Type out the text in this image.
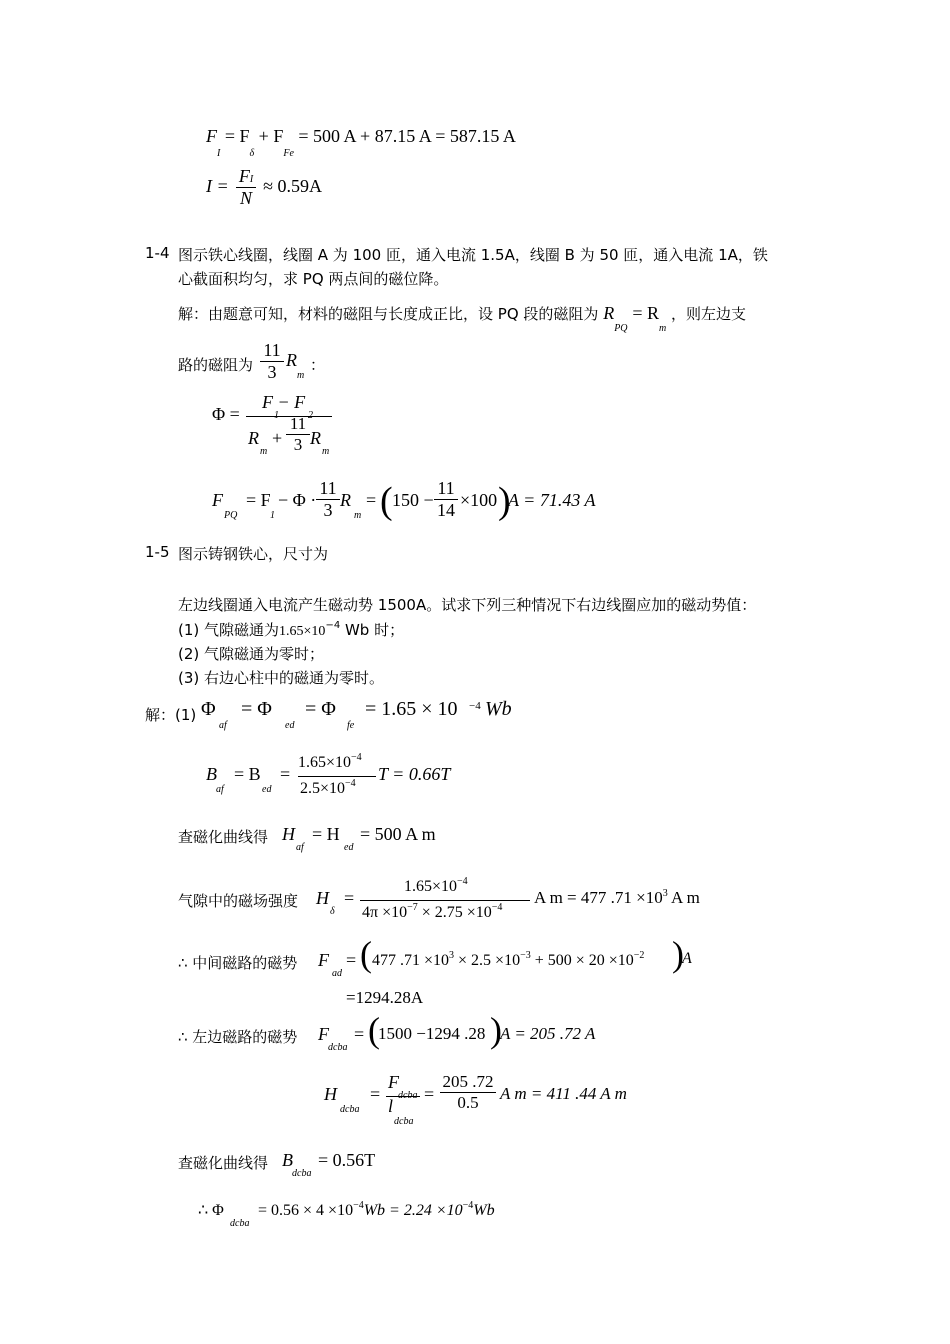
$F_I = F_\delta + F_{Fe} = 500$ A + 87.15 A = 587.15 A
I = FI
N
≈ 0.59A
1-4 图示铁心线圈，线圈 A 为 100 匝，通入电流 1.5A，线圈 B 为 50 匝，通入电流 1A，铁
心截面积均匀，求 PQ 两点间的磁位降。
解：由题意可知，材料的磁阻与长度成正比，设 PQ 段的磁阻为 $R_{PQ} = R_m$ ，则左边支
路的磁阻为 $\frac{11}{3}$ R
m
：
Φ =
F − F
1	2
R
m
+ $\frac{11}{3}$ R
m
F
PQ
= F
1
− $\Phi \cdot \frac{11}{3}$ R
m
= ( $150 - \frac{11}{14} \times 100$ )
A = 71.43 A
1-5 图示铸钢铁心，尺寸为
左边线圈通入电流产生磁动势 1500A。试求下列三种情况下右边线圈应加的磁动势值：
(1) 气隙磁通为$1.65\times 10^{-4}$ Wb 时；
(2) 气隙磁通为零时；
(3) 右边心柱中的磁通为零时。
解：(1) Φ
af
= Φ
ed
= Φ
fe
= 1.65 × 10 −4 Wb
B
af
= B
ed
=
$1.65\times 10^{-4}$
$2.5\times 10^{-4}$ T = 0.66T
查磁化曲线得 H
af
= H
ed
= 500 A m
气隙中的磁场强度 H
δ
=
$1.65\times 10^{-4}$
$4\pi \times 10^{-7} \times 2.75 \times 10^{-4}$
A m = 477 $.71 \times 10^3$ A m
∴ 中间磁路的磁势 F
ad
= ( 477 $.71 \times 10^3 \times 2.5 \times 10^{-3} + 500 \times 20 \times 10^{-2}$ )
A
=1294.28A
∴ 左边磁路的磁势 F
dcba
= (
1500 −1294 .28 )
A = 205 .72 A
H
dcba
=
F
dcba
l
dcba
= $\frac{205 .72}{0.5}$ A m = 411 .44 A m
查磁化曲线得 B
dcba
= 0.56T
∴ Φ
dcba
= $0.56 \times 4 \times 10^{-4}Wb = 2.24 \times 10^{-4}Wb$
